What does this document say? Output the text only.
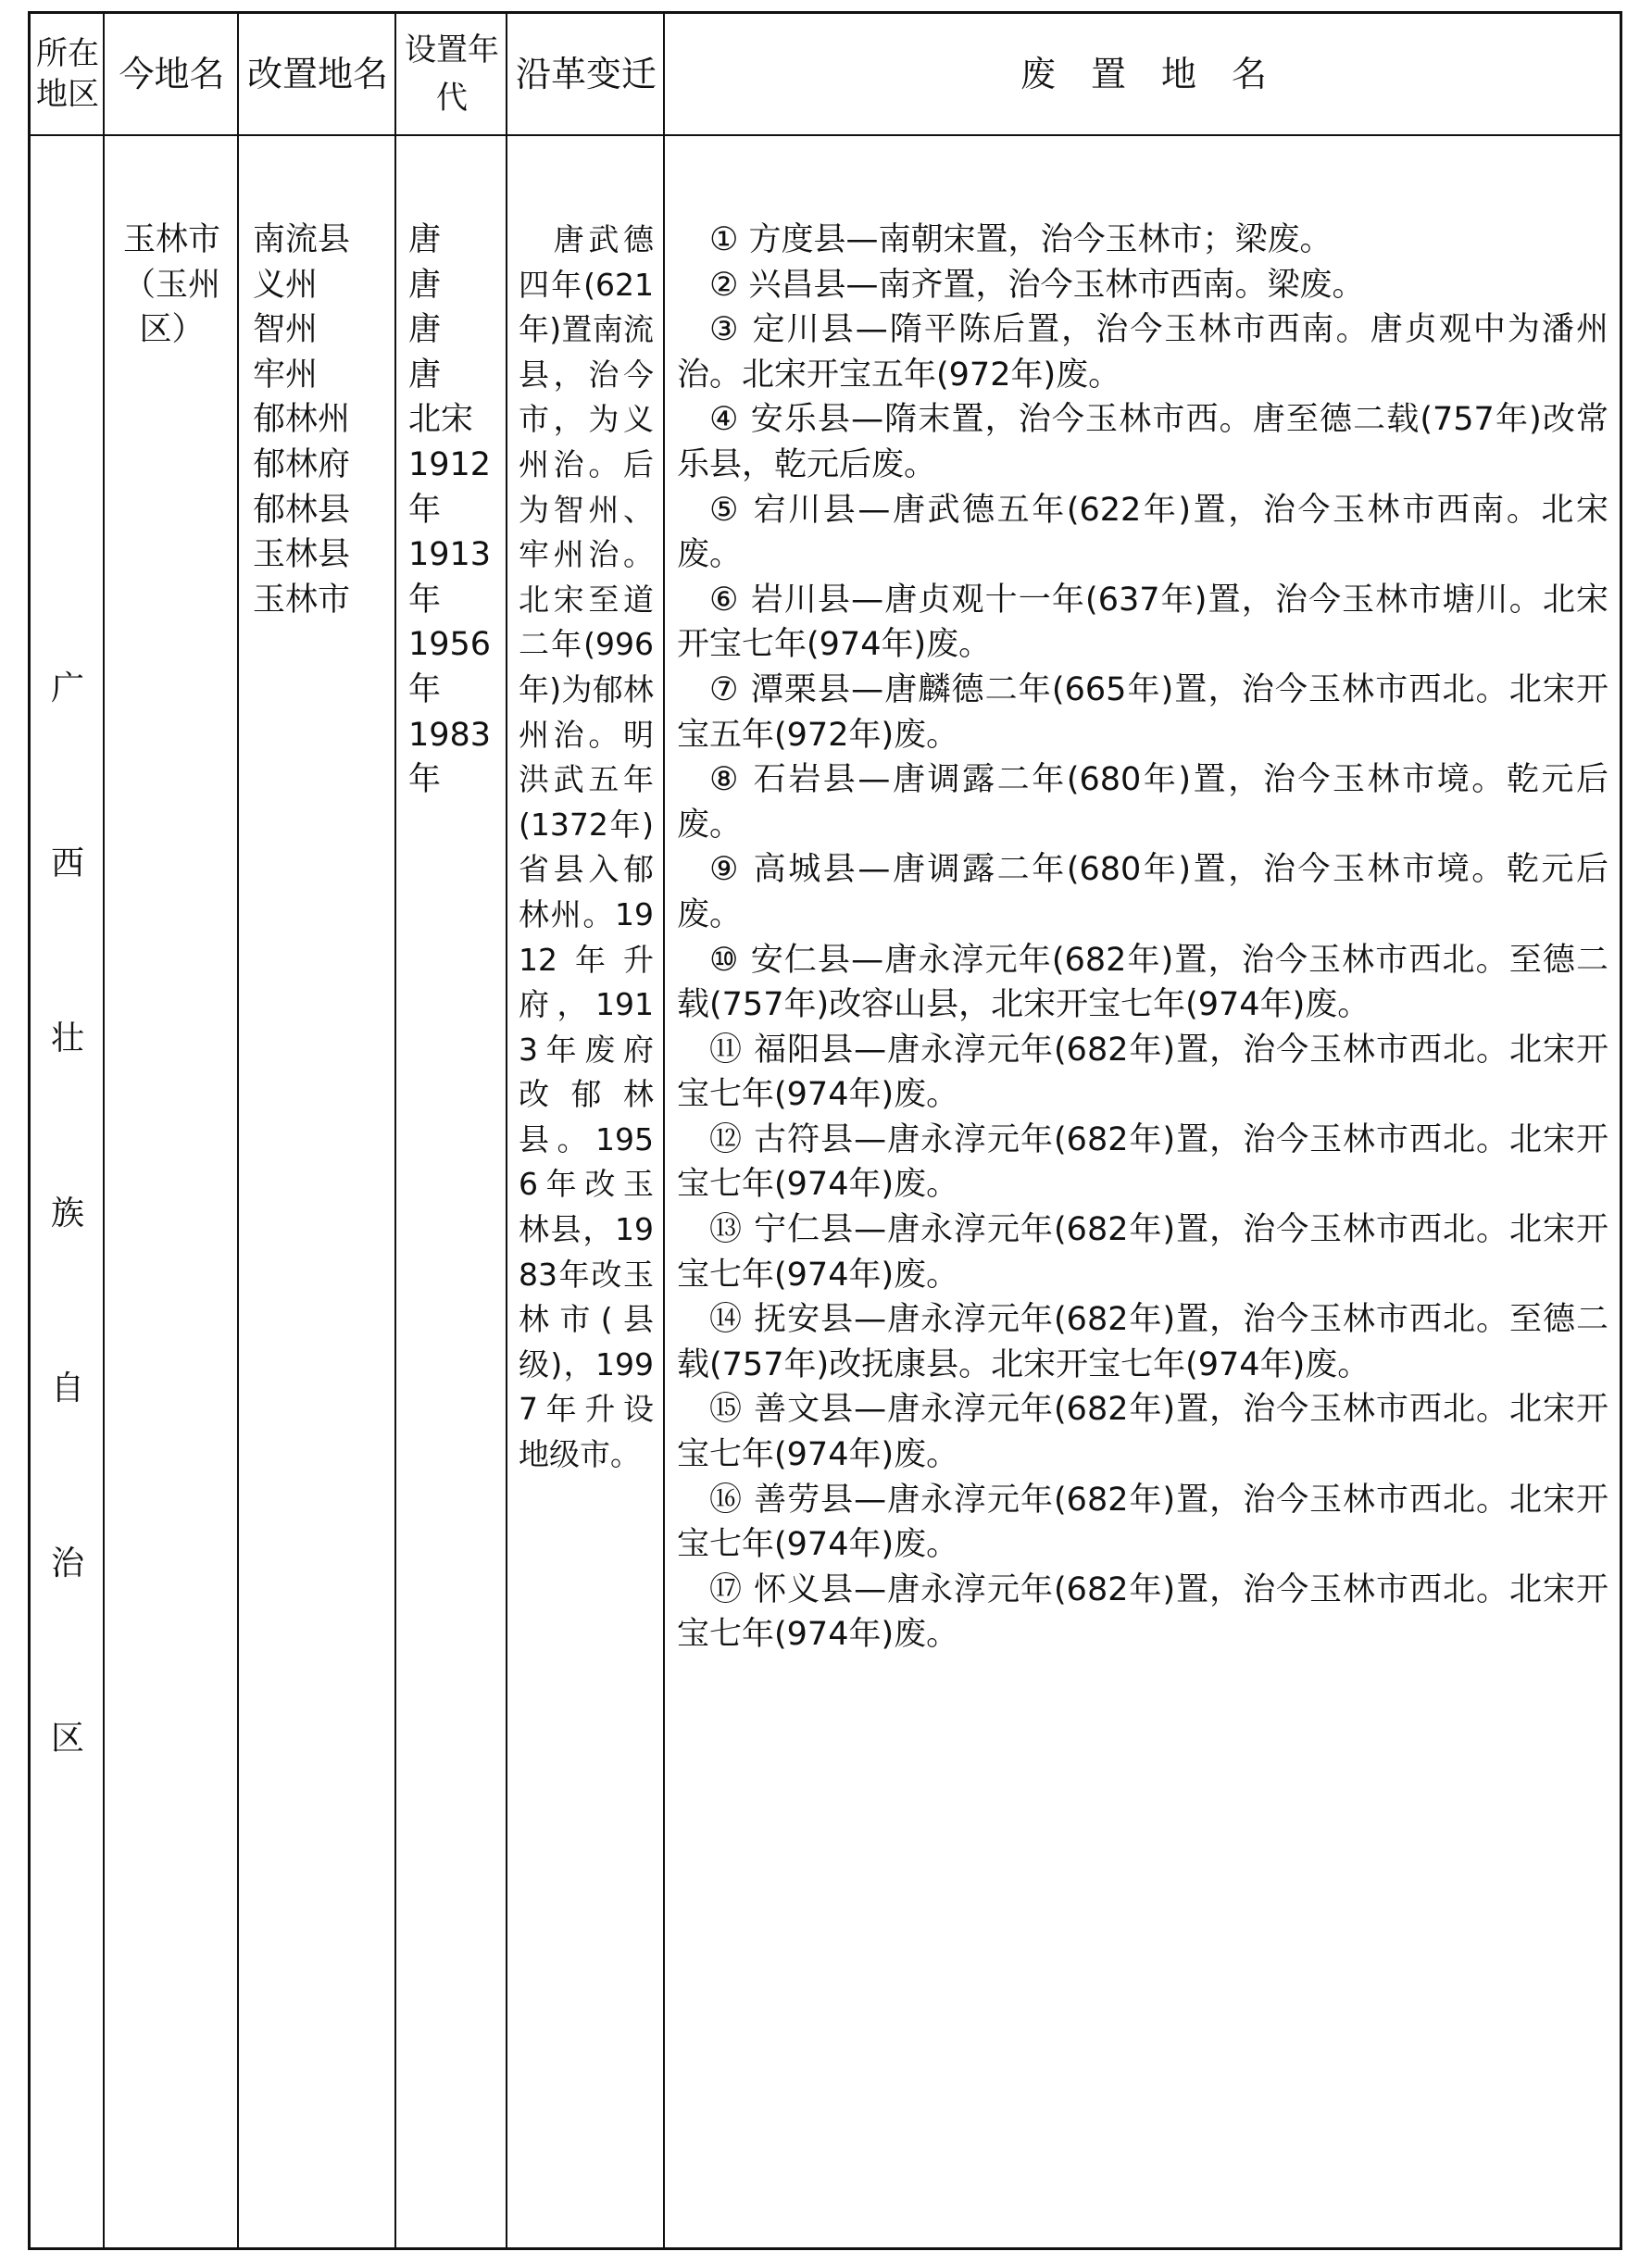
所在地区 今地名 改置地名
设置年代
沿革变迁	废　置　地　名
广
西
壮
族
自
治
区
玉林市
（玉州区）
南流县
义州
智州
牢州
郁林州
郁林府
郁林县
玉林县
玉林市
唐
唐
唐
唐
北宋
1912 年
1913 年
1956 年
1983 年
　唐武德四年(621年)置南流县，治今市，为义州治。后为智州、牢州治。北宋至道二年(996年)为郁林州治。明洪武五年(1372年)省县入郁林州。1912年升府，1913年废府改郁林县。1956年改玉林县，1983年改玉林市(县级)，1997年升设地级市。
① 方度县—南朝宋置，治今玉林市；梁废。
② 兴昌县—南齐置，治今玉林市西南。梁废。
③ 定川县—隋平陈后置，治今玉林市西南。唐贞观中为潘州治。北宋开宝五年(972年)废。
④ 安乐县—隋末置，治今玉林市西。唐至德二载(757年)改常乐县，乾元后废。
⑤ 宕川县—唐武德五年(622年)置，治今玉林市西南。北宋废。
⑥ 岩川县—唐贞观十一年(637年)置，治今玉林市塘川。北宋开宝七年(974年)废。
⑦ 潭栗县—唐麟德二年(665年)置，治今玉林市西北。北宋开宝五年(972年)废。
⑧ 石岩县—唐调露二年(680年)置，治今玉林市境。乾元后废。
⑨ 高城县—唐调露二年(680年)置，治今玉林市境。乾元后废。
⑩ 安仁县—唐永淳元年(682年)置，治今玉林市西北。至德二载(757年)改容山县，北宋开宝七年(974年)废。
⑪ 福阳县—唐永淳元年(682年)置，治今玉林市西北。北宋开宝七年(974年)废。
⑫ 古符县—唐永淳元年(682年)置，治今玉林市西北。北宋开宝七年(974年)废。
⑬ 宁仁县—唐永淳元年(682年)置，治今玉林市西北。北宋开宝七年(974年)废。
⑭ 抚安县—唐永淳元年(682年)置，治今玉林市西北。至德二载(757年)改抚康县。北宋开宝七年(974年)废。
⑮ 善文县—唐永淳元年(682年)置，治今玉林市西北。北宋开宝七年(974年)废。
⑯ 善劳县—唐永淳元年(682年)置，治今玉林市西北。北宋开宝七年(974年)废。
⑰ 怀义县—唐永淳元年(682年)置，治今玉林市西北。北宋开宝七年(974年)废。
